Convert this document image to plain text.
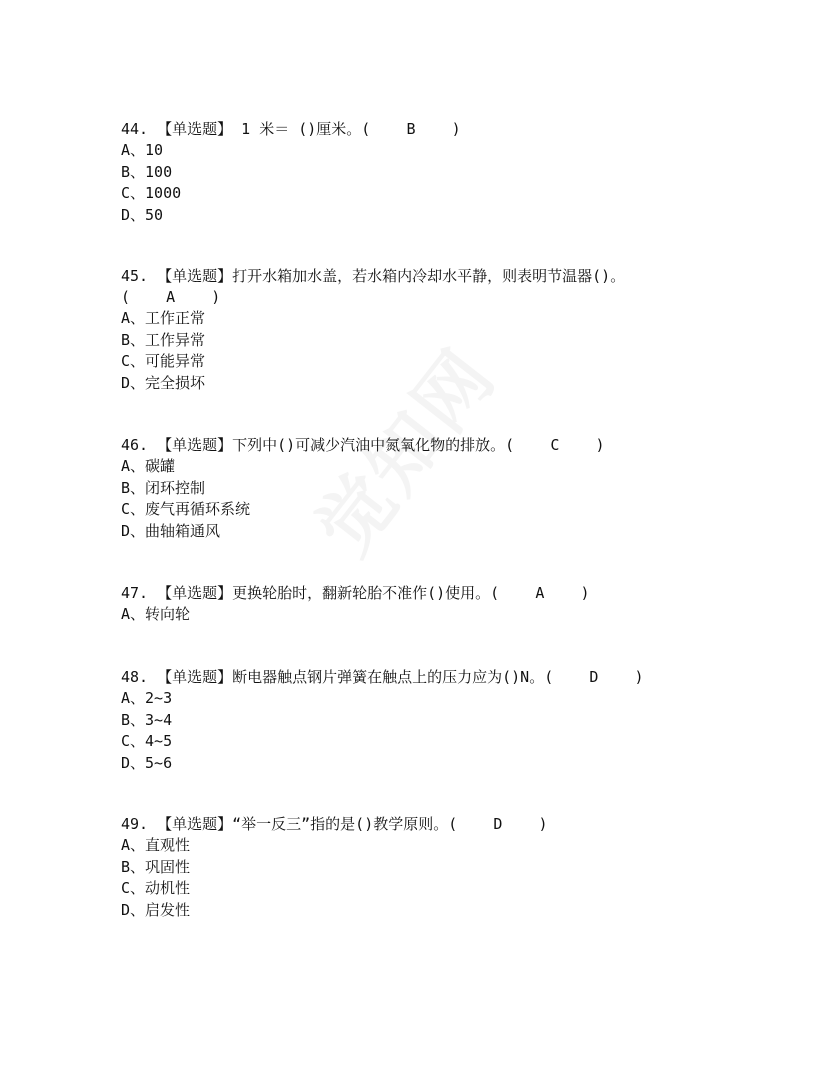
44. 【单选题】 1 米＝ ()厘米。(    B    )

A、10

B、100

C、1000

D、50

45. 【单选题】打开水箱加水盖，若水箱内冷却水平静，则表明节温器()。

(    A    )

A、工作正常

B、工作异常

C、可能异常

D、完全损坏

46. 【单选题】下列中()可减少汽油中氮氧化物的排放。(    C    )

A、碳罐

B、闭环控制

C、废气再循环系统

D、曲轴箱通风

47. 【单选题】更换轮胎时，翻新轮胎不准作()使用。(    A    )

A、转向轮

48. 【单选题】断电器触点钢片弹簧在触点上的压力应为()N。(    D    )

A、2~3

B、3~4

C、4~5

D、5~6

49. 【单选题】“举一反三”指的是()教学原则。(    D    )

A、直观性

B、巩固性

C、动机性

D、启发性
